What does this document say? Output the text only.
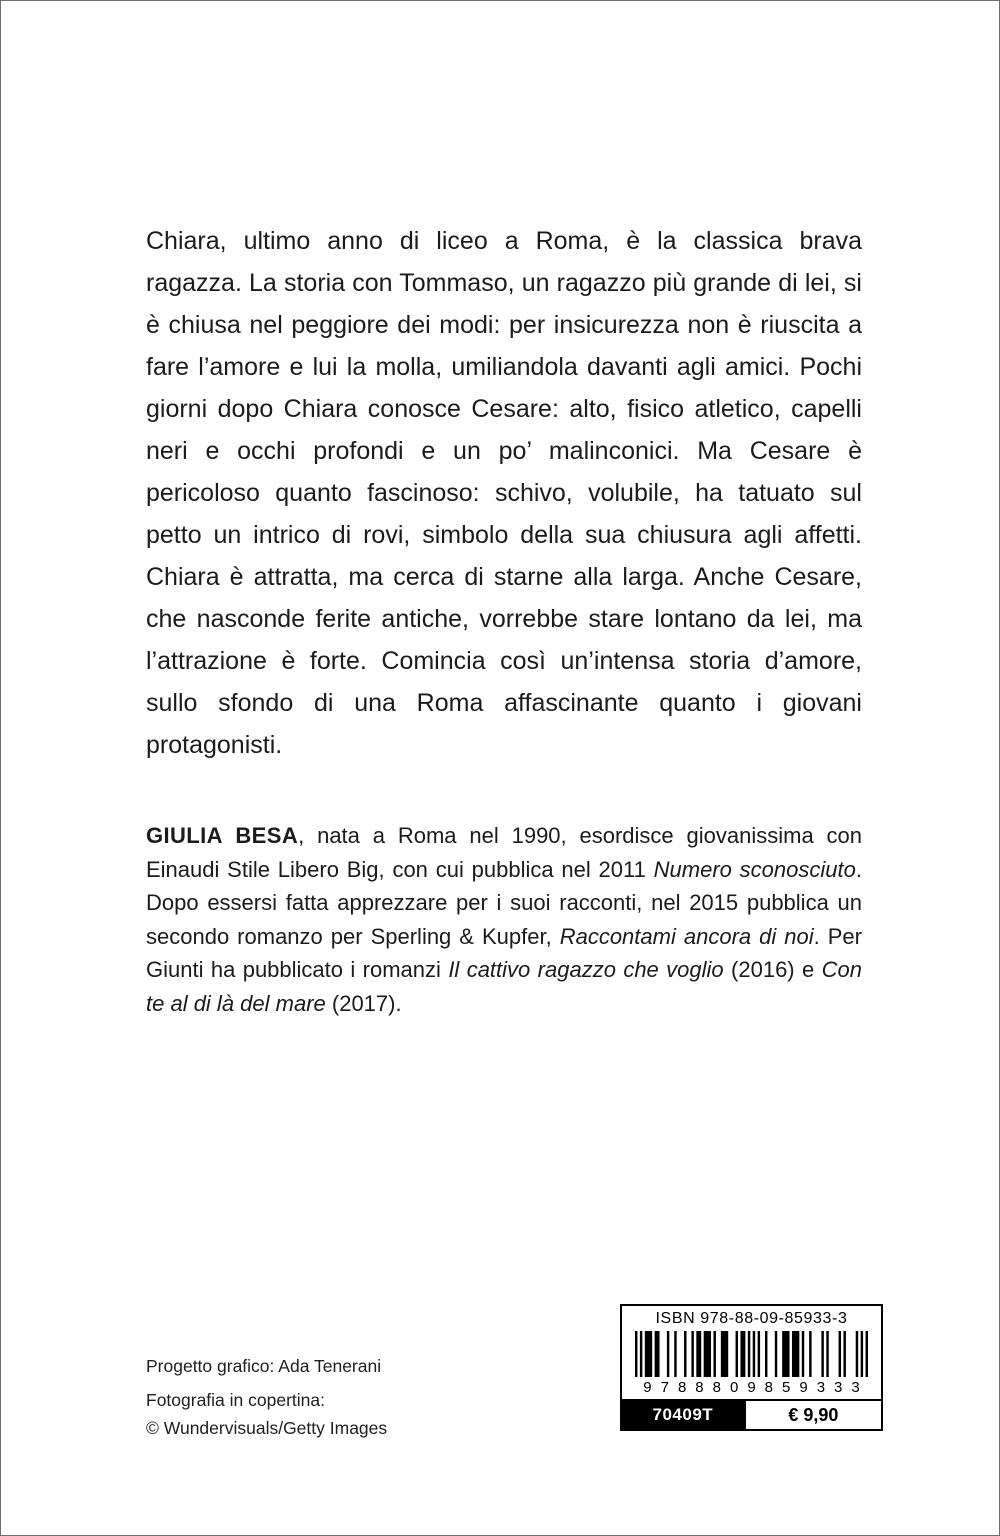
Chiara, ultimo anno di liceo a Roma, è la classica brava ragazza. La storia con Tommaso, un ragazzo più grande di lei, si è chiusa nel peggiore dei modi: per insicurezza non è riuscita a fare l’amore e lui la molla, umiliandola davanti agli amici. Pochi giorni dopo Chiara conosce Cesare: alto, fisico atletico, capelli neri e occhi profondi e un po’ malinconici. Ma Cesare è pericoloso quanto fascinoso: schivo, volubile, ha tatuato sul petto un intrico di rovi, simbolo della sua chiusura agli affetti. Chiara è attratta, ma cerca di starne alla larga. Anche Cesare, che nasconde ferite antiche, vorrebbe stare lontano da lei, ma l’attrazione è forte. Comincia così un’intensa storia d’amore, sullo sfondo di una Roma affascinante quanto i giovani protagonisti.

GIULIA BESA, nata a Roma nel 1990, esordisce giovanissima con Einaudi Stile Libero Big, con cui pubblica nel 2011 Numero sconosciuto. Dopo essersi fatta apprezzare per i suoi racconti, nel 2015 pubblica un secondo romanzo per Sperling & Kupfer, Raccontami ancora di noi. Per Giunti ha pubblicato i romanzi Il cattivo ragazzo che voglio (2016) e Con te al di là del mare (2017).

Progetto grafico: Ada Tenerani
Fotografia in copertina:
© Wundervisuals/Getty Images
ISBN 978-88-09-85933-3
9788809859333
70409T	€ 9,90
